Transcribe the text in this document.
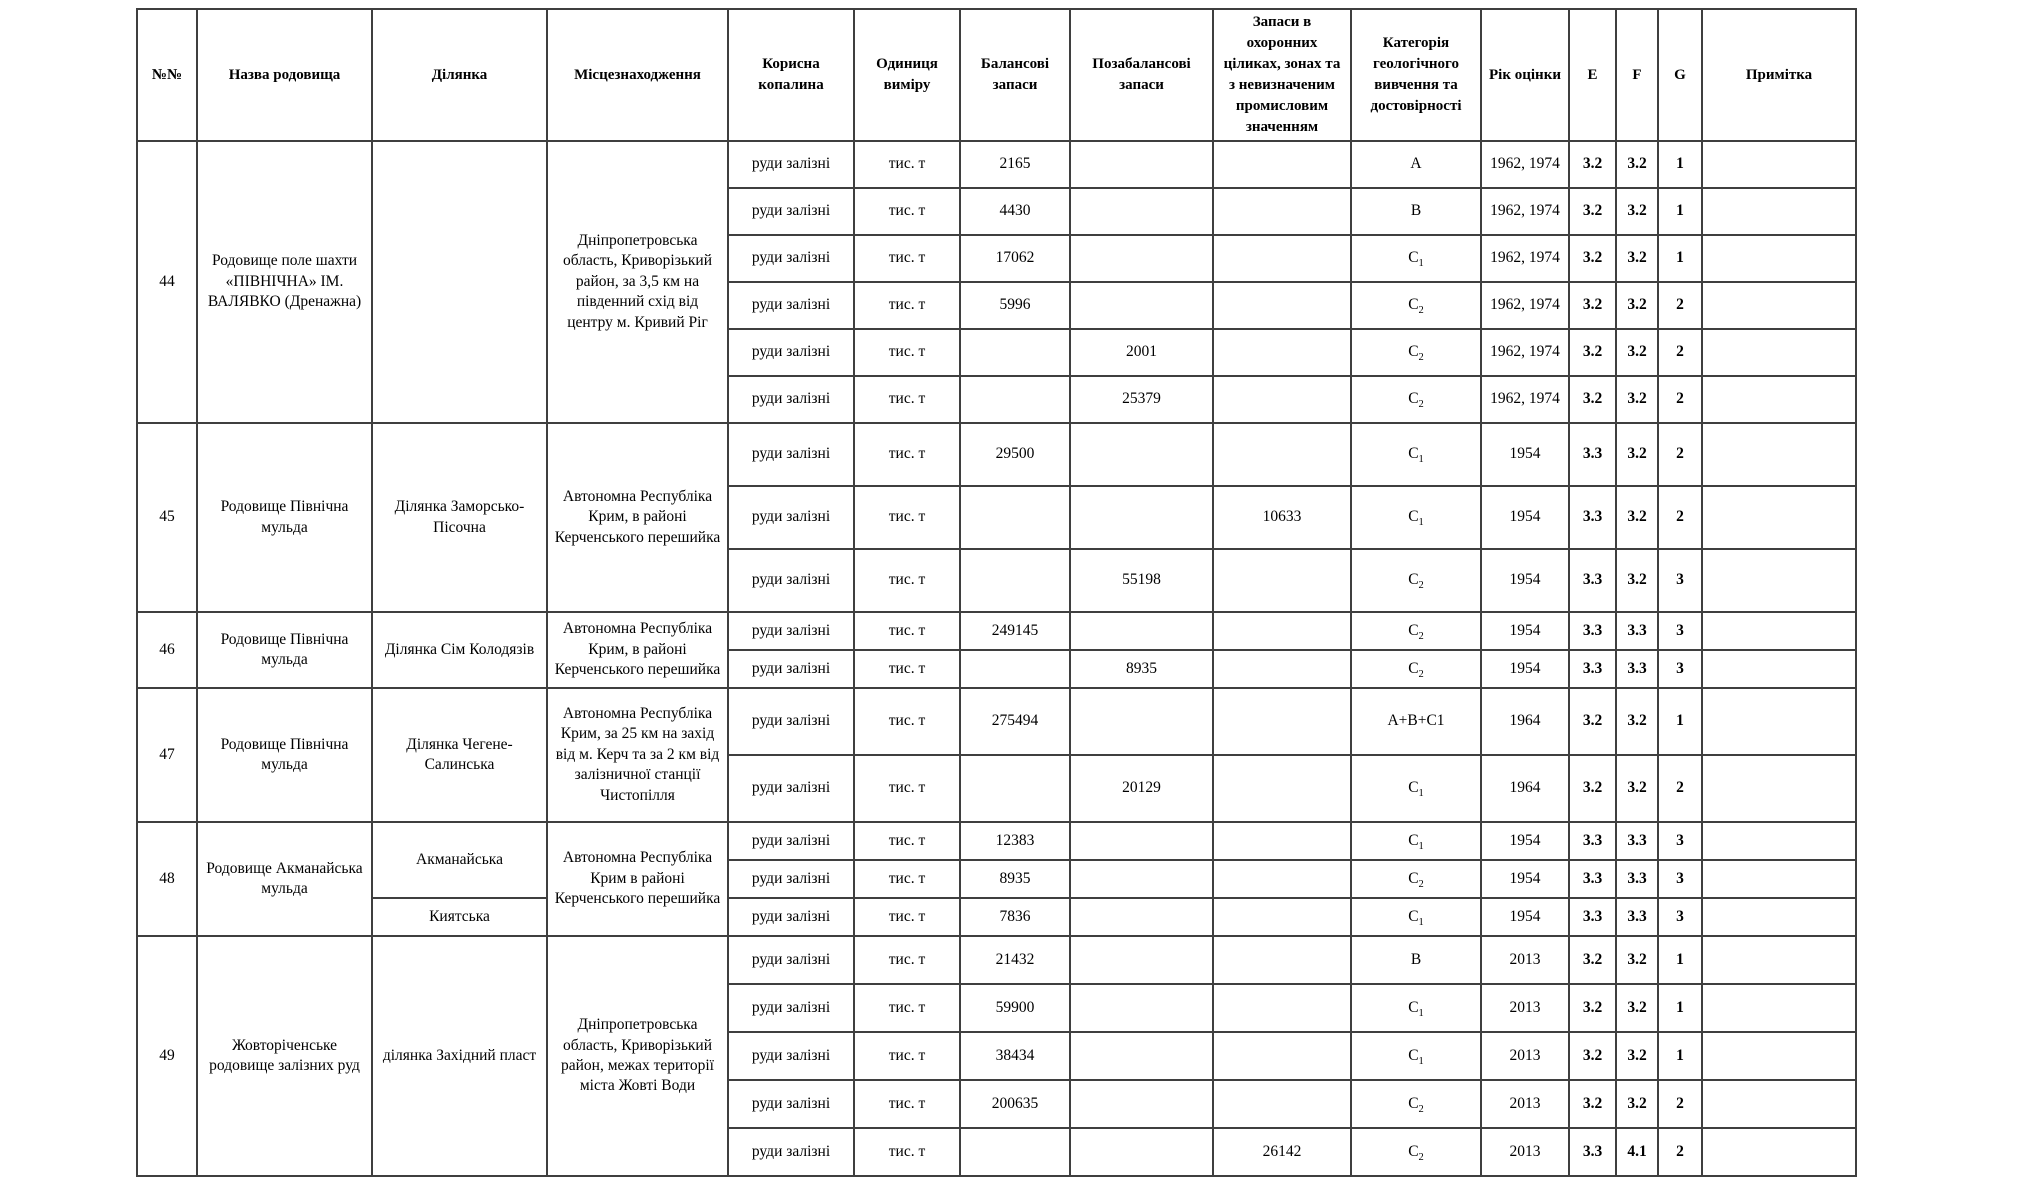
№№	Назва родовища	Ділянка	Місцезнаходження	Корисна копалина	Одиниця виміру	Балансові запаси	Позабалансові запаси	Запаси в охоронних ціликах, зонах та з невизначеним промисловим значенням	Категорія геологічного вивчення та достовірності	Рік оцінки	E	F	G	Примітка
44	Родовище поле шахти «ПІВНІЧНА» ІМ. ВАЛЯВКО (Дренажна)		Дніпропетровська область, Криворізький район, за 3,5 км на південний схід від центру м. Кривий Ріг	руди залізні	тис. т	2165			A	1962, 1974	3.2	3.2	1	
				руди залізні	тис. т	4430			B	1962, 1974	3.2	3.2	1	
				руди залізні	тис. т	17062			$C_1$	1962, 1974	3.2	3.2	1	
				руди залізні	тис. т	5996			$C_2$	1962, 1974	3.2	3.2	2	
				руди залізні	тис. т		2001		$C_2$	1962, 1974	3.2	3.2	2	
				руди залізні	тис. т		25379		$C_2$	1962, 1974	3.2	3.2	2	
45	Родовище Північна мульда	Ділянка Заморсько-Пісочна	Автономна Республіка Крим, в районі Керченського перешийка	руди залізні	тис. т	29500			$C_1$	1954	3.3	3.2	2	
				руди залізні	тис. т			10633	$C_1$	1954	3.3	3.2	2	
				руди залізні	тис. т		55198		$C_2$	1954	3.3	3.2	3	
46	Родовище Північна мульда	Ділянка Сім Колодязів	Автономна Республіка Крим, в районі Керченського перешийка	руди залізні	тис. т	249145			$C_2$	1954	3.3	3.3	3	
				руди залізні	тис. т		8935		$C_2$	1954	3.3	3.3	3	
47	Родовище Північна мульда	Ділянка Чегене-Салинська	Автономна Республіка Крим, за 25 км на захід від м. Керч та за 2 км від залізничної станції Чистопілля	руди залізні	тис. т	275494			A+B+C1	1964	3.2	3.2	1	
				руди залізні	тис. т		20129		$C_1$	1964	3.2	3.2	2	
48	Родовище Акманайська мульда	Акманайська	Автономна Республіка Крим в районі Керченського перешийка	руди залізні	тис. т	12383			$C_1$	1954	3.3	3.3	3	
				руди залізні	тис. т	8935			$C_2$	1954	3.3	3.3	3	
		Киятська		руди залізні	тис. т	7836			$C_1$	1954	3.3	3.3	3	
49	Жовторіченське родовище залізних руд	ділянка Західний пласт	Дніпропетровська область, Криворізький район, межах території міста Жовті Води	руди залізні	тис. т	21432			B	2013	3.2	3.2	1	
				руди залізні	тис. т	59900			$C_1$	2013	3.2	3.2	1	
				руди залізні	тис. т	38434			$C_1$	2013	3.2	3.2	1	
				руди залізні	тис. т	200635			$C_2$	2013	3.2	3.2	2	
				руди залізні	тис. т			26142	$C_2$	2013	3.3	4.1	2	
